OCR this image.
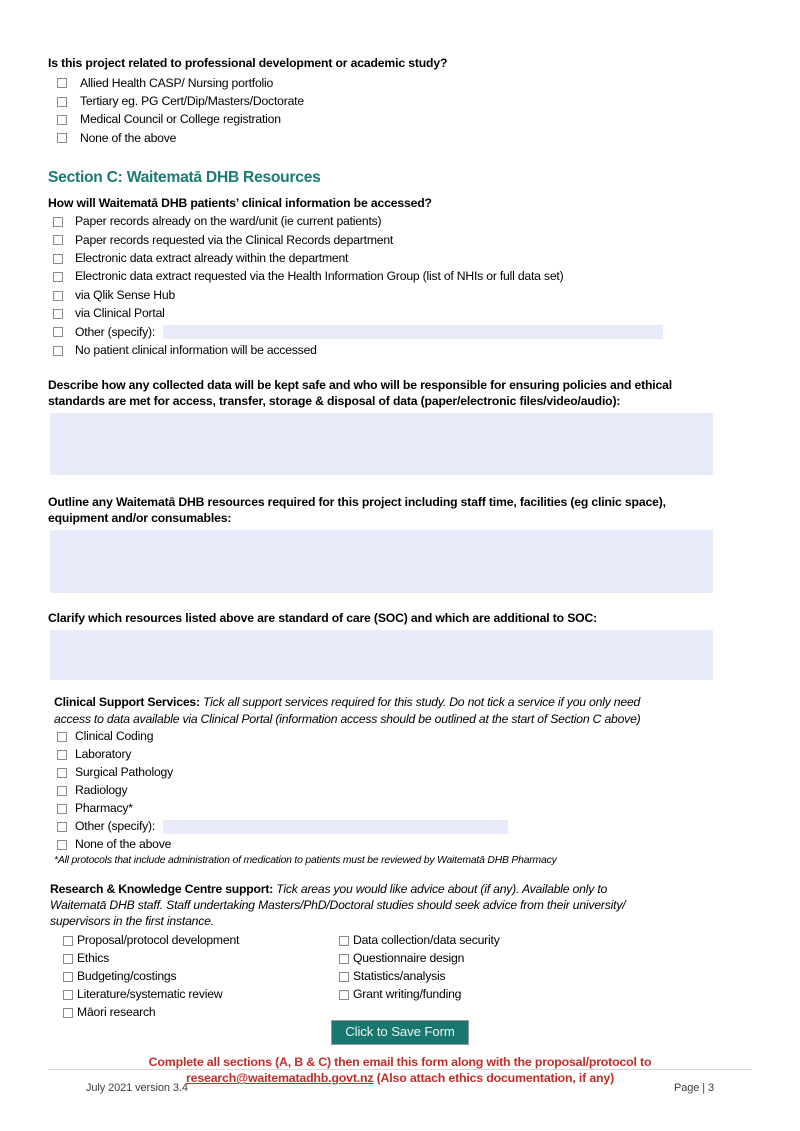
Is this project related to professional development or academic study?
Allied Health CASP/ Nursing portfolio
Tertiary eg. PG Cert/Dip/Masters/Doctorate
Medical Council or College registration
None of the above
Section C: Waitematā DHB Resources
How will Waitematā DHB patients’ clinical information be accessed?
Paper records already on the ward/unit (ie current patients)
Paper records requested via the Clinical Records department
Electronic data extract already within the department
Electronic data extract requested via the Health Information Group (list of NHIs or full data set)
via Qlik Sense Hub
via Clinical Portal
Other (specify):
No patient clinical information will be accessed
Describe how any collected data will be kept safe and who will be responsible for ensuring policies and ethical
standards are met for access, transfer, storage & disposal of data (paper/electronic files/video/audio):
Outline any Waitematā DHB resources required for this project including staff time, facilities (eg clinic space),
equipment and/or consumables:
Clarify which resources listed above are standard of care (SOC) and which are additional to SOC:
Clinical Support Services: Tick all support services required for this study. Do not tick a service if you only need
access to data available via Clinical Portal (information access should be outlined at the start of Section C above)
Clinical Coding
Laboratory
Surgical Pathology
Radiology
Pharmacy*
Other (specify):
None of the above
*All protocols that include administration of medication to patients must be reviewed by Waitematā DHB Pharmacy
Research & Knowledge Centre support: Tick areas you would like advice about (if any). Available only to
Waitematā DHB staff. Staff undertaking Masters/PhD/Doctoral studies should seek advice from their university/
supervisors in the first instance.
Proposal/protocol development
Ethics
Budgeting/costings
Literature/systematic review
Māori research
Data collection/data security
Questionnaire design
Statistics/analysis
Grant writing/funding
Click to Save Form
Complete all sections (A, B & C) then email this form along with the proposal/protocol to
research@waitematadhb.govt.nz (Also attach ethics documentation, if any)
July 2021 version 3.4	Page | 3
